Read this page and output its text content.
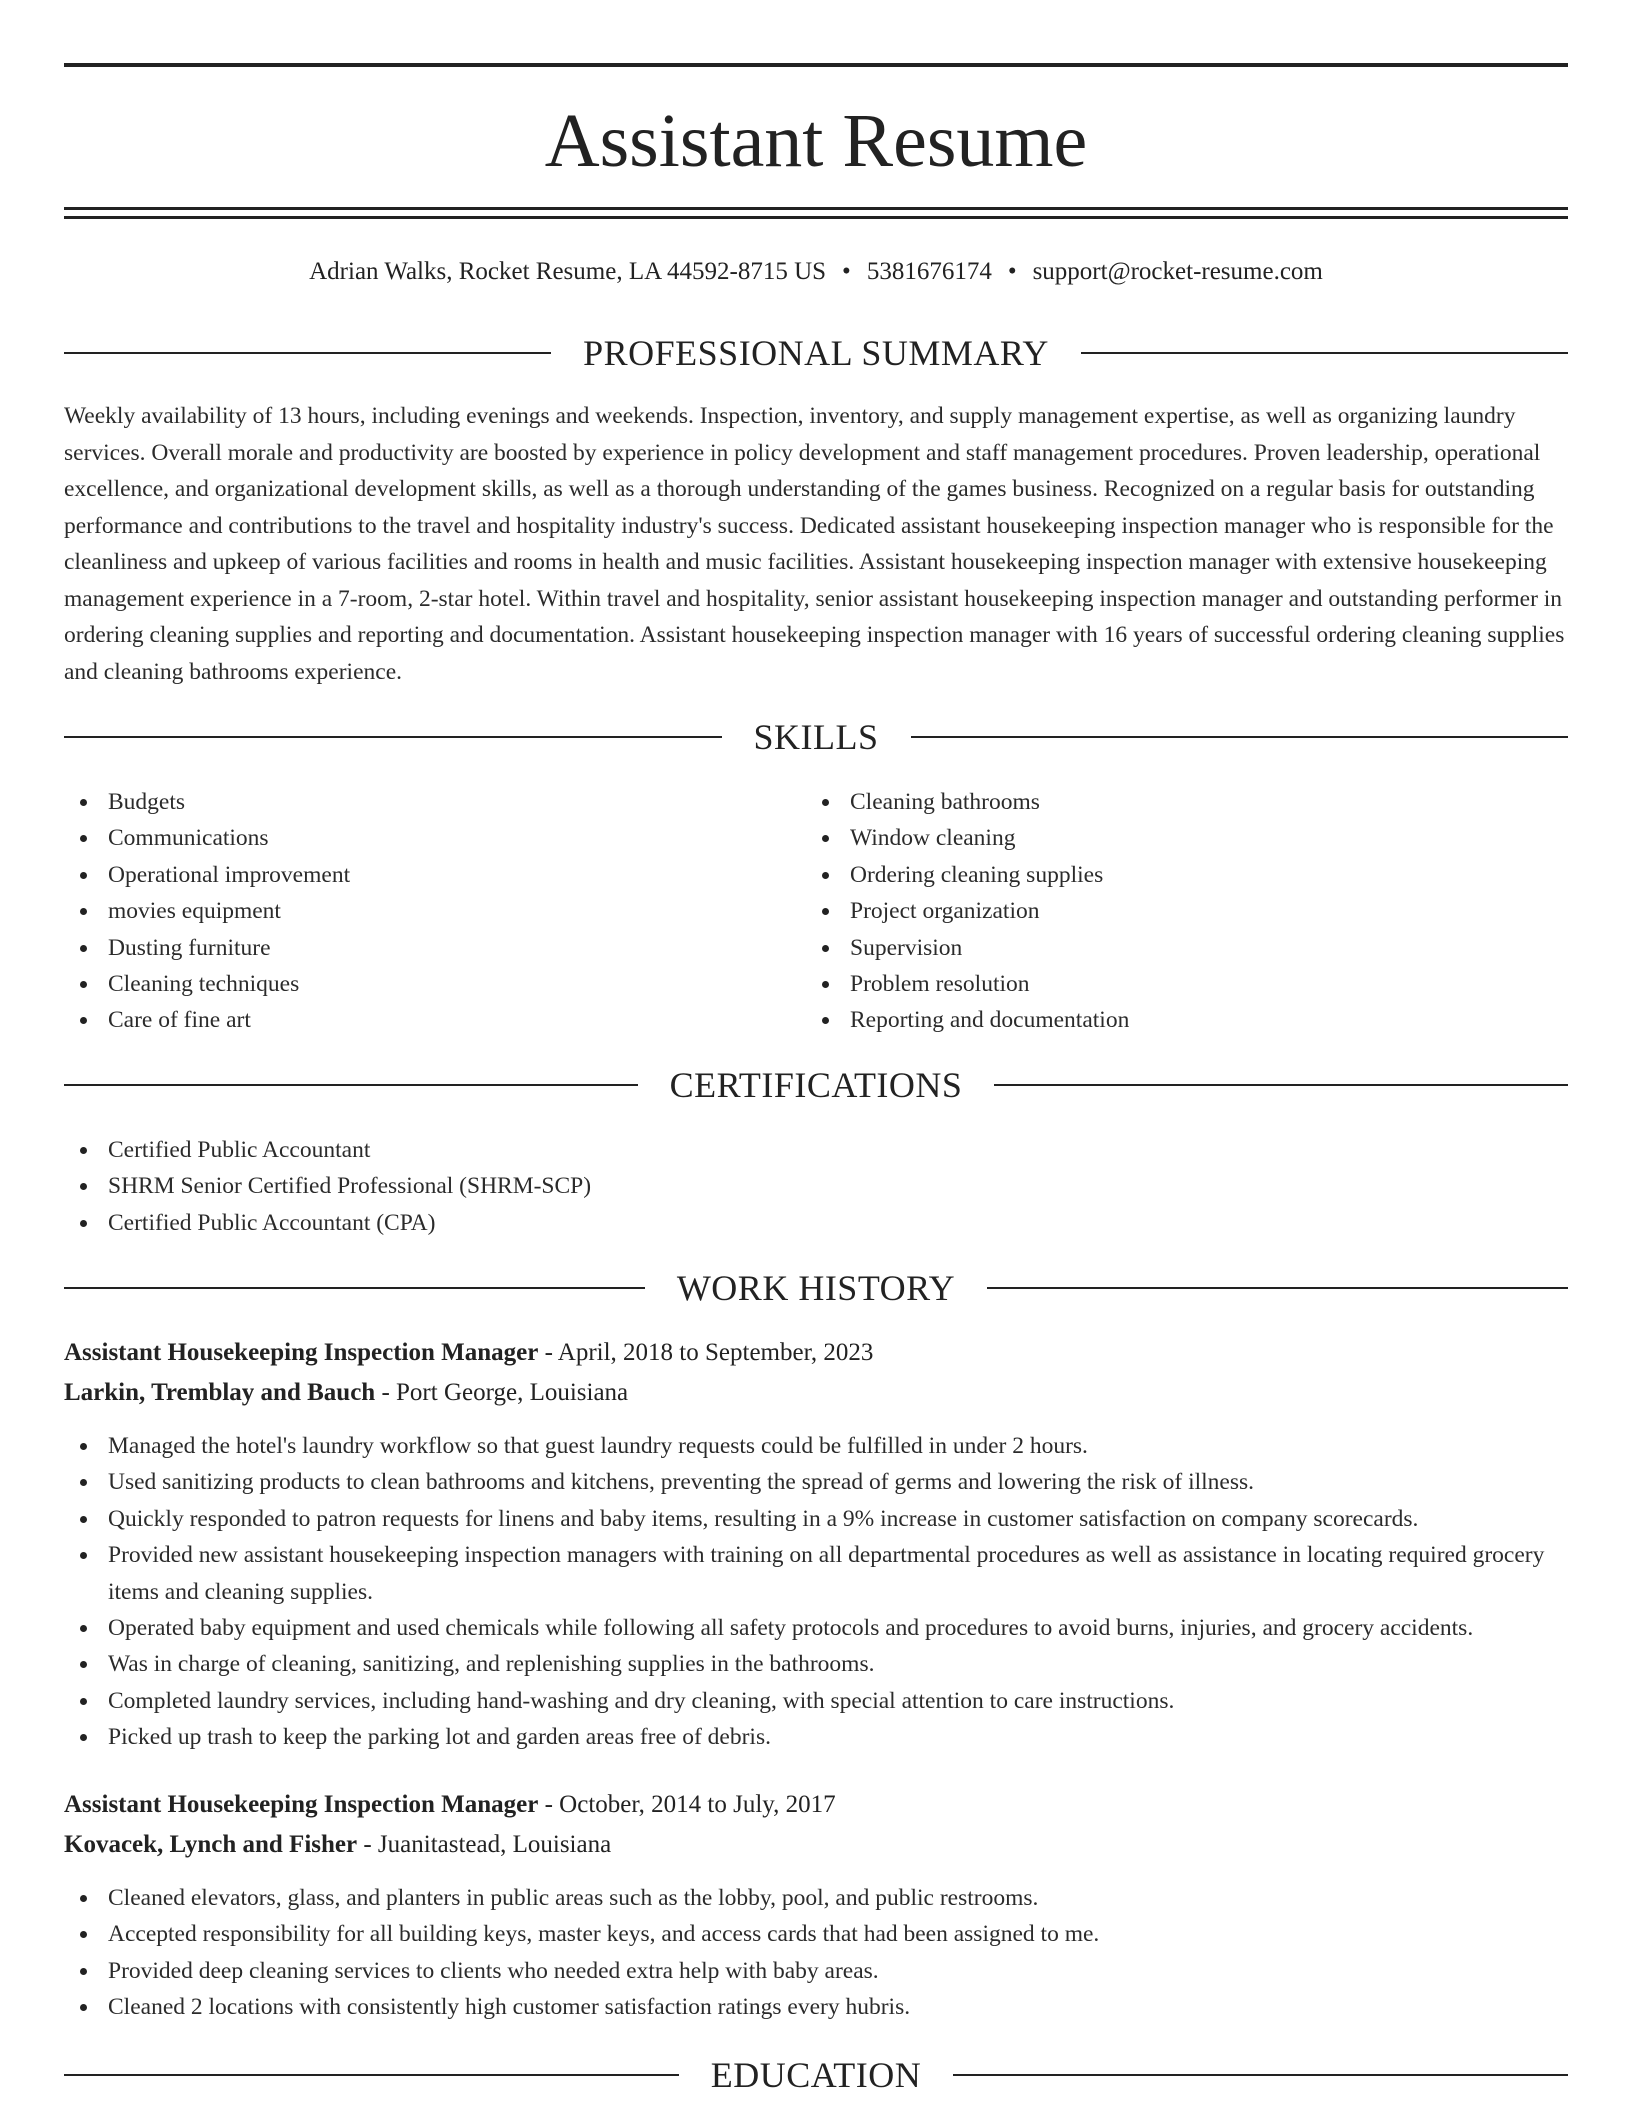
Assistant Resume
Adrian Walks, Rocket Resume, LA 44592-8715 US • 5381676174 • support@rocket-resume.com
PROFESSIONAL SUMMARY

Weekly availability of 13 hours, including evenings and weekends. Inspection, inventory, and supply management expertise, as well as organizing laundry services. Overall morale and productivity are boosted by experience in policy development and staff management procedures. Proven leadership, operational excellence, and organizational development skills, as well as a thorough understanding of the games business. Recognized on a regular basis for outstanding performance and contributions to the travel and hospitality industry's success. Dedicated assistant housekeeping inspection manager who is responsible for the cleanliness and upkeep of various facilities and rooms in health and music facilities. Assistant housekeeping inspection manager with extensive housekeeping management experience in a 7-room, 2-star hotel. Within travel and hospitality, senior assistant housekeeping inspection manager and outstanding performer in ordering cleaning supplies and reporting and documentation. Assistant housekeeping inspection manager with 16 years of successful ordering cleaning supplies and cleaning bathrooms experience.

SKILLS
Budgets
Communications
Operational improvement
movies equipment
Dusting furniture
Cleaning techniques
Care of fine art
Cleaning bathrooms
Window cleaning
Ordering cleaning supplies
Project organization
Supervision
Problem resolution
Reporting and documentation
CERTIFICATIONS
Certified Public Accountant
SHRM Senior Certified Professional (SHRM-SCP)
Certified Public Accountant (CPA)
WORK HISTORY
Assistant Housekeeping Inspection Manager - April, 2018 to September, 2023
Larkin, Tremblay and Bauch - Port George, Louisiana
Managed the hotel's laundry workflow so that guest laundry requests could be fulfilled in under 2 hours.
Used sanitizing products to clean bathrooms and kitchens, preventing the spread of germs and lowering the risk of illness.
Quickly responded to patron requests for linens and baby items, resulting in a 9% increase in customer satisfaction on company scorecards.
Provided new assistant housekeeping inspection managers with training on all departmental procedures as well as assistance in locating required grocery items and cleaning supplies.
Operated baby equipment and used chemicals while following all safety protocols and procedures to avoid burns, injuries, and grocery accidents.
Was in charge of cleaning, sanitizing, and replenishing supplies in the bathrooms.
Completed laundry services, including hand-washing and dry cleaning, with special attention to care instructions.
Picked up trash to keep the parking lot and garden areas free of debris.
Assistant Housekeeping Inspection Manager - October, 2014 to July, 2017
Kovacek, Lynch and Fisher - Juanitastead, Louisiana
Cleaned elevators, glass, and planters in public areas such as the lobby, pool, and public restrooms.
Accepted responsibility for all building keys, master keys, and access cards that had been assigned to me.
Provided deep cleaning services to clients who needed extra help with baby areas.
Cleaned 2 locations with consistently high customer satisfaction ratings every hubris.
EDUCATION
